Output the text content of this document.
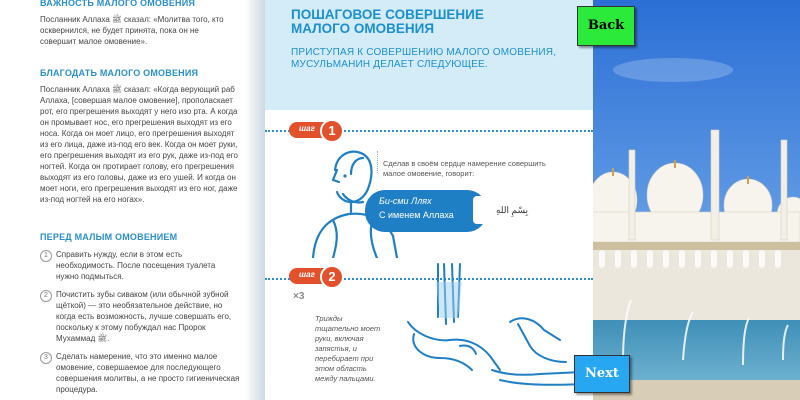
ВАЖНОСТЬ МАЛОГО ОМОВЕНИЯ

Посланник Аллаха ﷺ сказал: «Молитва того, кто осквернился, не будет принята, пока он не совершит малое омовение».

БЛАГОДАТЬ МАЛОГО ОМОВЕНИЯ

Посланник Аллаха ﷺ сказал: «Когда верующий раб Аллаха, [совершая малое омовение], прополаскает рот, его прегрешения выходят у него изо рта. А когда он промывает нос, его прегрешения выходят из его носа. Когда он моет лицо, его прегрешения выходят из его лица, даже из-под его век. Когда он моет руки, его прегрешения выходят из его рук, даже из-под его ногтей. Когда он протирает голову, его прегрешения выходят из его головы, даже из его ушей. И когда он моет ноги, его прегрешения выходят из его ног, даже из-под ногтей на его ногах».

ПЕРЕД МАЛЫМ ОМОВЕНИЕМ

1	Справить нужду, если в этом есть необходимость. После посещения туалета нужно подмыться.

2	Почистить зубы сиваком (или обычной зубной щёткой) — это необязательное действие, но когда есть возможность, лучше совершать его, поскольку к этому побуждал нас Пророк Мухаммад ﷺ.

3	Сделать намерение, что это именно малое омовение, совершаемое для последующего совершения молитвы, а не просто гигиеническая процедура.

ПОШАГОВОЕ СОВЕРШЕНИЕ МАЛОГО ОМОВЕНИЯ

ПРИСТУПАЯ К СОВЕРШЕНИЮ МАЛОГО ОМОВЕНИЯ, МУСУЛЬМАНИН ДЕЛАЕТ СЛЕДУЮЩЕЕ.

шаг	1

Сделав в своём сердце намерение совершить малое омовение, говорит:

Би-сми Ллях
С именем Аллаха	بِسْمِ اللهِ
шаг	2
×3

Трижды тщательно моет руки, включая запястья, и перебирает при этом область между пальцами.

Back
Next
